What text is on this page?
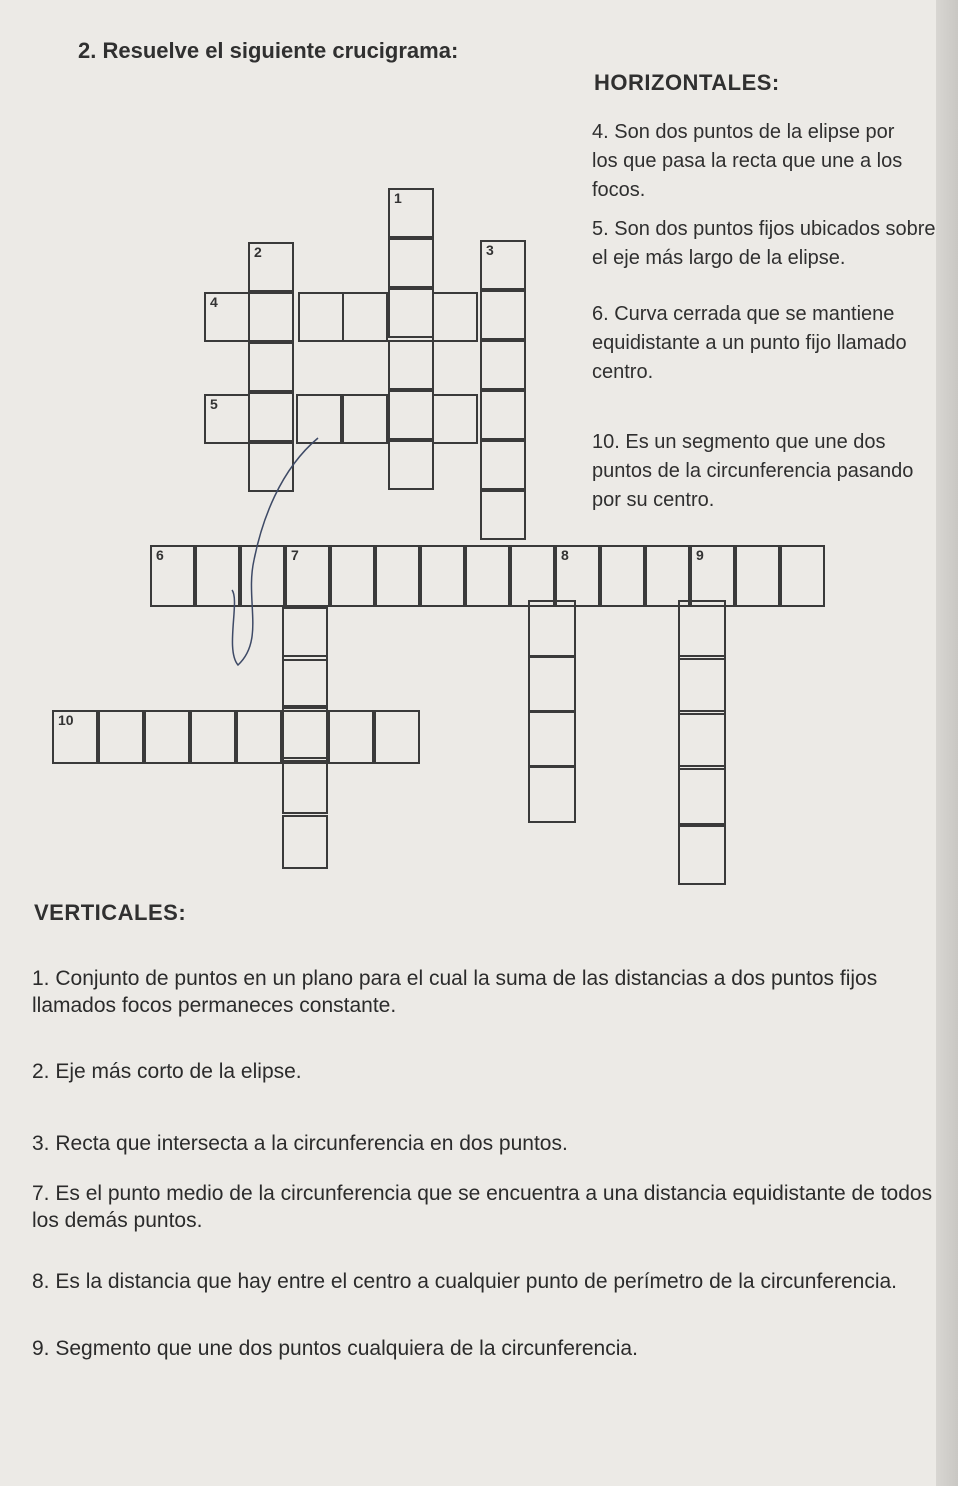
2. Resuelve el siguiente crucigrama:
HORIZONTALES:
4. Son dos puntos de la elipse por los que pasa la recta que une a los focos.
5. Son dos puntos fijos ubicados sobre el eje más largo de la elipse.
6. Curva cerrada que se mantiene equidistante a un punto fijo llamado centro.
10. Es un segmento que une dos puntos de la circunferencia pasando por su centro.
1
2	3
4
5
6	7	8	9
10
VERTICALES:
1. Conjunto de puntos en un plano para el cual la suma de las distancias a dos puntos fijos llamados focos permaneces constante.
2. Eje más corto de la elipse.
3. Recta que intersecta a la circunferencia en dos puntos.
7. Es el punto medio de la circunferencia que se encuentra a una distancia equidistante de todos los demás puntos.
8. Es la distancia que hay entre el centro a cualquier punto de perímetro de la circunferencia.
9. Segmento que une dos puntos cualquiera de la circunferencia.
